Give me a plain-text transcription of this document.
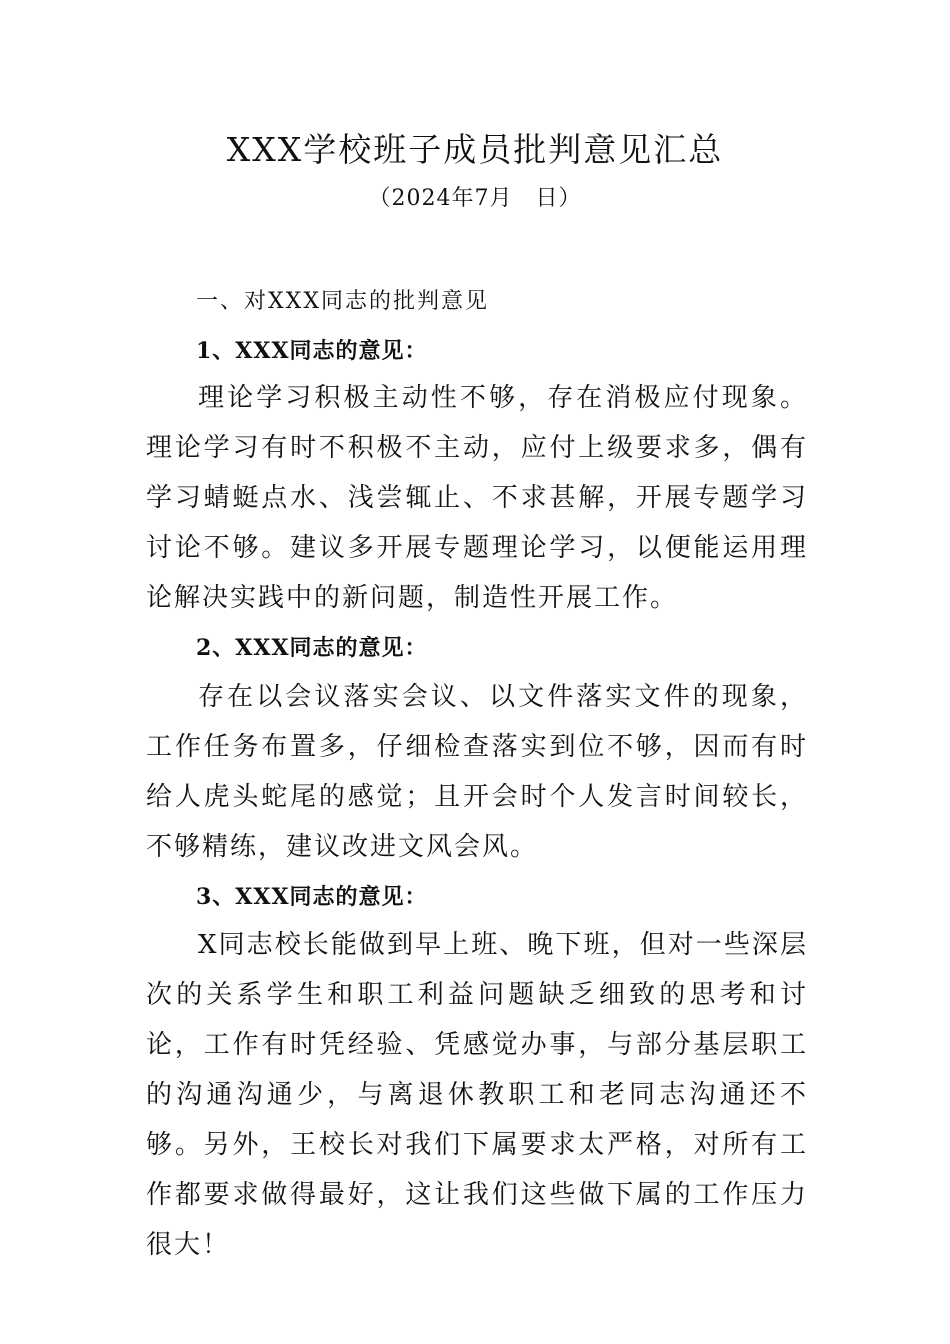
XXX学校班子成员批判意见汇总
（2024年7月　日）
一、对XXX同志的批判意见
1、XXX同志的意见：

理论学习积极主动性不够，存在消极应付现象。理论学习有时不积极不主动，应付上级要求多，偶有学习蜻蜓点水、浅尝辄止、不求甚解，开展专题学习讨论不够。建议多开展专题理论学习，以便能运用理论解决实践中的新问题，制造性开展工作。

2、XXX同志的意见：

存在以会议落实会议、以文件落实文件的现象，工作任务布置多，仔细检查落实到位不够，因而有时给人虎头蛇尾的感觉；且开会时个人发言时间较长，不够精练，建议改进文风会风。

3、XXX同志的意见：

X同志校长能做到早上班、晚下班，但对一些深层次的关系学生和职工利益问题缺乏细致的思考和讨论，工作有时凭经验、凭感觉办事，与部分基层职工的沟通沟通少，与离退休教职工和老同志沟通还不够。另外，王校长对我们下属要求太严格，对所有工作都要求做得最好，这让我们这些做下属的工作压力很大！
